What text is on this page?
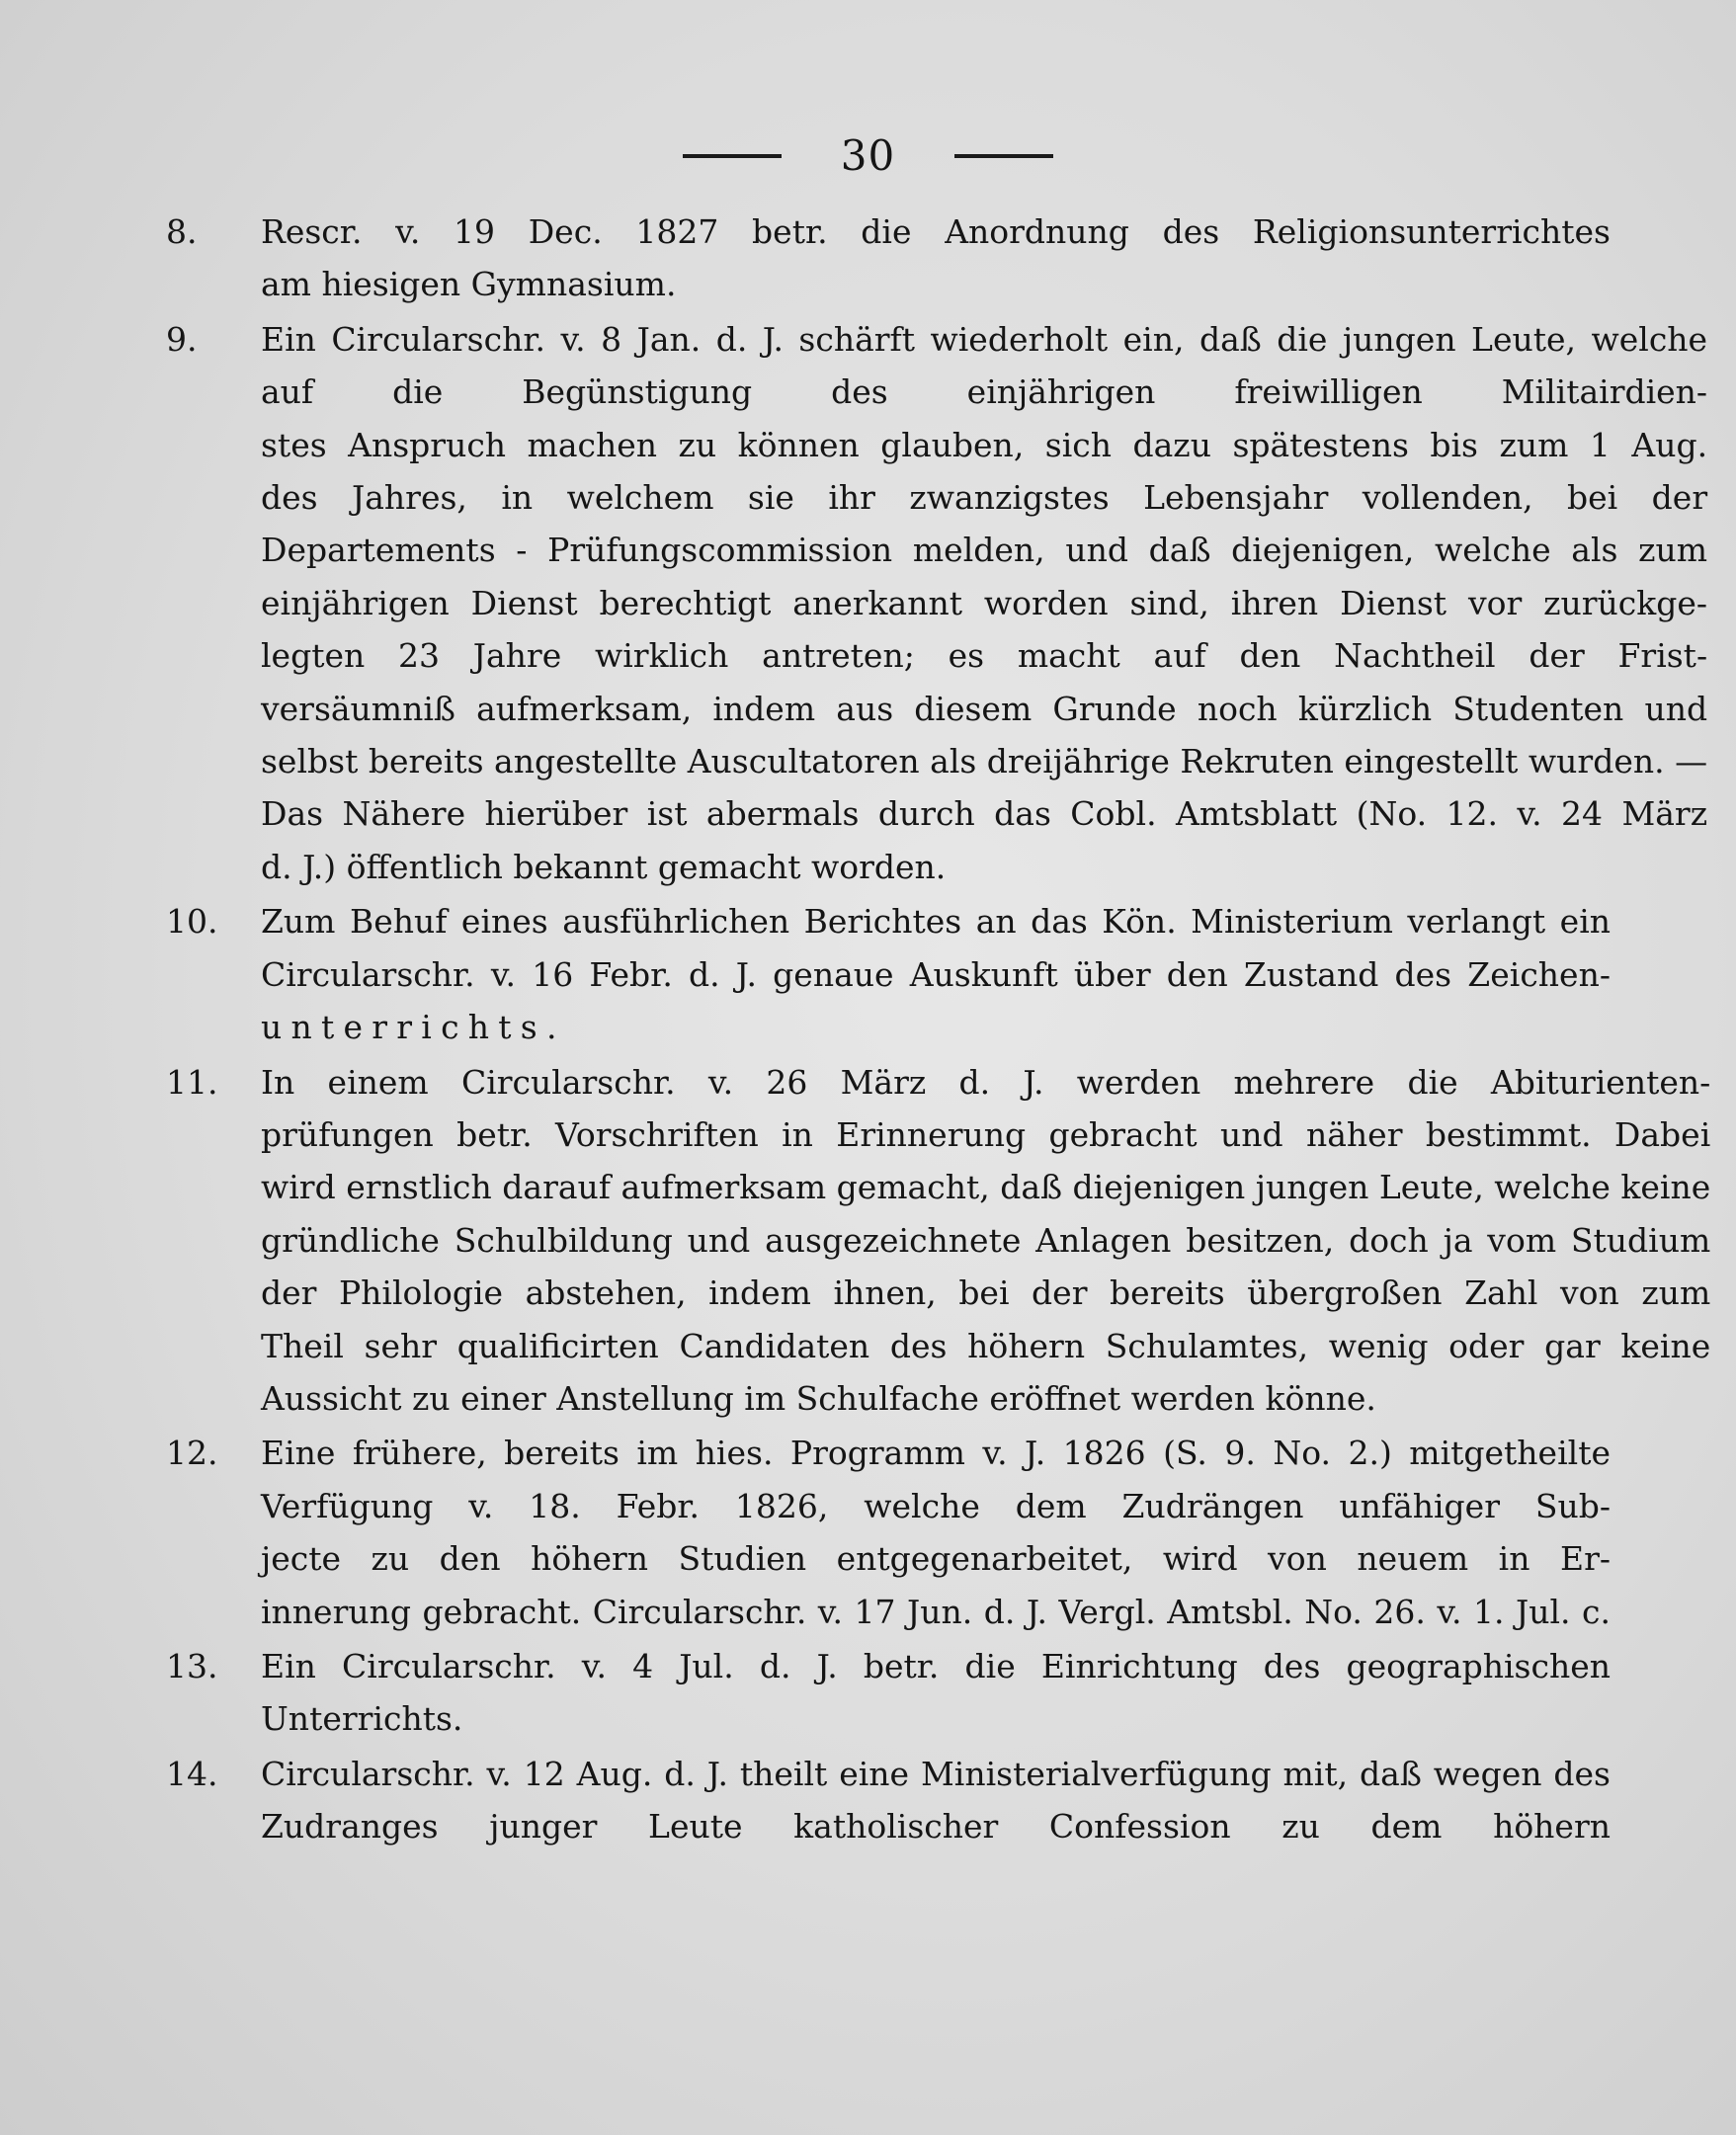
30
8.	Rescr. v. 19 Dec. 1827 betr. die Anordnung des Religionsunterrichtes
am hiesigen Gymnasium.

9.	Ein Circularschr. v. 8 Jan. d. J. schärft wiederholt ein, daß die jungen Leute, welche
auf die Begünstigung des einjährigen freiwilligen Militairdien-
stes Anspruch machen zu können glauben, sich dazu spätestens bis zum 1 Aug.
des Jahres, in welchem sie ihr zwanzigstes Lebensjahr vollenden, bei der
Departements - Prüfungscommission melden, und daß diejenigen, welche als zum
einjährigen Dienst berechtigt anerkannt worden sind, ihren Dienst vor zurückge-
legten 23 Jahre wirklich antreten; es macht auf den Nachtheil der Frist-
versäumniß aufmerksam, indem aus diesem Grunde noch kürzlich Studenten und
selbst bereits angestellte Auscultatoren als dreijährige Rekruten eingestellt wurden. —
Das Nähere hierüber ist abermals durch das Cobl. Amtsblatt (No. 12. v. 24 März
d. J.) öffentlich bekannt gemacht worden.

10.	Zum Behuf eines ausführlichen Berichtes an das Kön. Ministerium verlangt ein
Circularschr. v. 16 Febr. d. J. genaue Auskunft über den Zustand des Zeichen-
unterrichts.

11.	In einem Circularschr. v. 26 März d. J. werden mehrere die Abiturienten-
prüfungen betr. Vorschriften in Erinnerung gebracht und näher bestimmt. Dabei
wird ernstlich darauf aufmerksam gemacht, daß diejenigen jungen Leute, welche keine
gründliche Schulbildung und ausgezeichnete Anlagen besitzen, doch ja vom Studium
der Philologie abstehen, indem ihnen, bei der bereits übergroßen Zahl von zum
Theil sehr qualificirten Candidaten des höhern Schulamtes, wenig oder gar keine
Aussicht zu einer Anstellung im Schulfache eröffnet werden könne.

12.	Eine frühere, bereits im hies. Programm v. J. 1826 (S. 9. No. 2.) mitgetheilte
Verfügung v. 18. Febr. 1826, welche dem Zudrängen unfähiger Sub-
jecte zu den höhern Studien entgegenarbeitet, wird von neuem in Er-
innerung gebracht. Circularschr. v. 17 Jun. d. J. Vergl. Amtsbl. No. 26. v. 1. Jul. c.

13.	Ein Circularschr. v. 4 Jul. d. J. betr. die Einrichtung des geographischen
Unterrichts.

14.	Circularschr. v. 12 Aug. d. J. theilt eine Ministerialverfügung mit, daß wegen des
Zudranges junger Leute katholischer Confession zu dem höhern
